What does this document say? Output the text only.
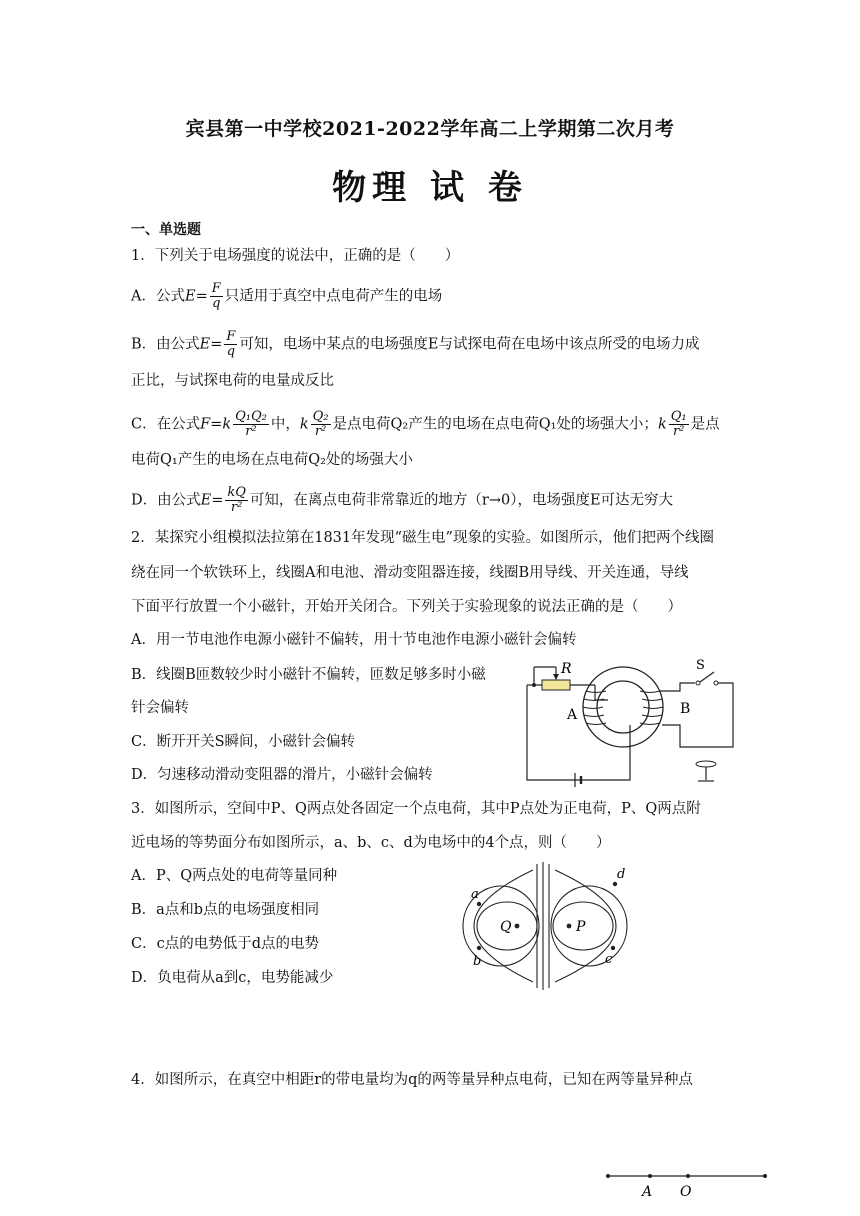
宾县第一中学校2021-2022学年高二上学期第二次月考
物理 试 卷
一、单选题
1．下列关于电场强度的说法中，正确的是（　　）
A．公式$E= \frac{F}{q}$ 只适用于真空中点电荷产生的电场
B．由公式$E= \frac{F}{q}$ 可知，电场中某点的电场强度E与试探电荷在电场中该点所受的电场力成
正比，与试探电荷的电量成反比
C．在公式$F=k \frac{\text{Q₁Q₂}}{\text{r²}}$ 中，k $\frac{\text{Q₂}}{\text{r²}}$ 是点电荷Q₂产生的电场在点电荷Q₁处的场强大小；k $\frac{\text{Q₁}}{\text{r²}}$ 是点
电荷Q₁产生的电场在点电荷Q₂处的场强大小
D．由公式$E= \frac{kQ}{\text{r²}}$ 可知，在离点电荷非常靠近的地方（r→0），电场强度E可达无穷大
2．某探究小组模拟法拉第在1831年发现“磁生电”现象的实验。如图所示，他们把两个线圈
绕在同一个软铁环上，线圈A和电池、滑动变阻器连接，线圈B用导线、开关连通，导线
下面平行放置一个小磁针，开始开关闭合。下列关于实验现象的说法正确的是（　　）
A．用一节电池作电源小磁针不偏转，用十节电池作电源小磁针会偏转
B．线圈B匝数较少时小磁针不偏转，匝数足够多时小磁
针会偏转
C．断开开关S瞬间，小磁针会偏转
D．匀速移动滑动变阻器的滑片，小磁针会偏转
R	S
A	B
3．如图所示，空间中P、Q两点处各固定一个点电荷，其中P点处为正电荷，P、Q两点附
近电场的等势面分布如图所示，a、b、c、d为电场中的4个点，则（　　）
A．P、Q两点处的电荷等量同种
B．a点和b点的电场强度相同
C．c点的电势低于d点的电势
D．负电荷从a到c，电势能减少
a
b	c
d
Q	P
4．如图所示，在真空中相距r的带电量均为q的两等量异种点电荷，已知在两等量异种点
A O
